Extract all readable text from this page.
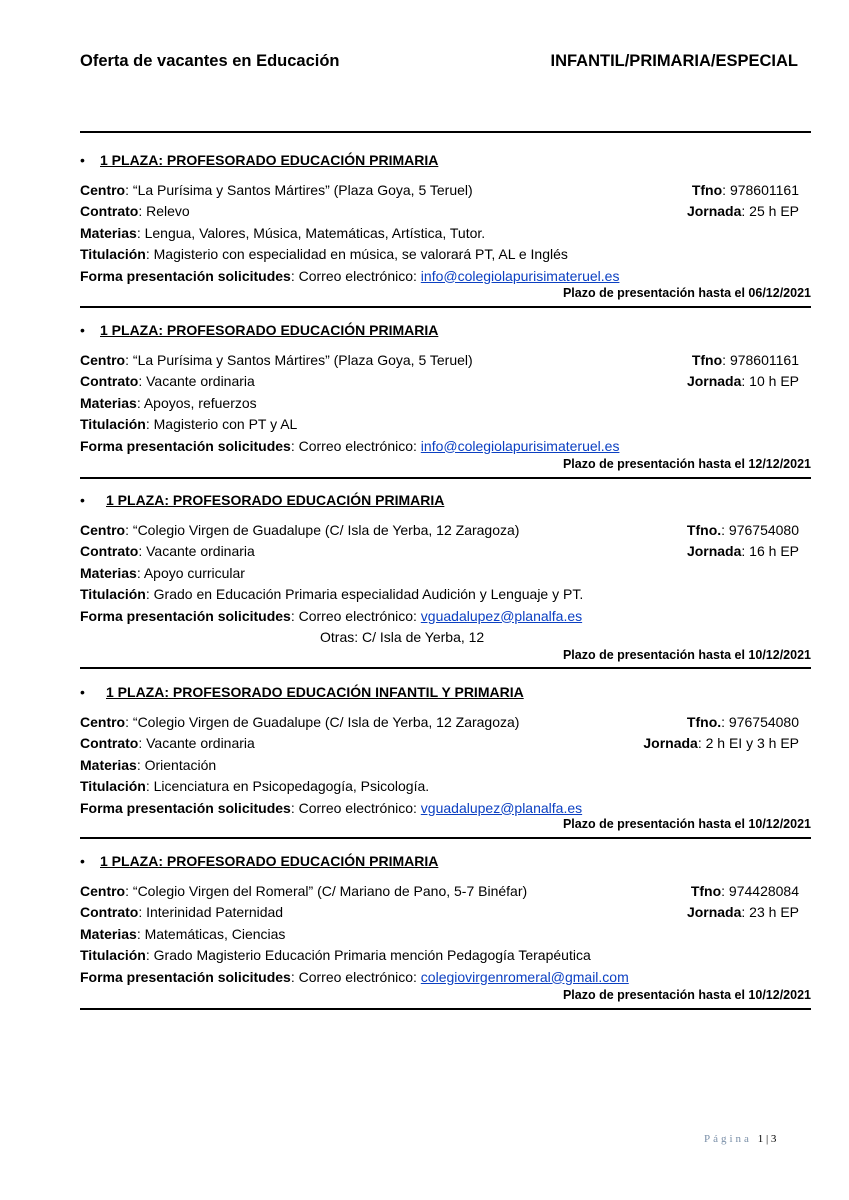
Oferta de vacantes en Educación	INFANTIL/PRIMARIA/ESPECIAL
• 1 PLAZA: PROFESORADO EDUCACIÓN PRIMARIA
Centro: “La Purísima y Santos Mártires” (Plaza Goya, 5 Teruel)	Tfno: 978601161
Contrato: Relevo	Jornada: 25 h EP
Materias: Lengua, Valores, Música, Matemáticas, Artística, Tutor.
Titulación: Magisterio con especialidad en música, se valorará PT, AL e Inglés
Forma presentación solicitudes: Correo electrónico: info@colegiolapurisimateruel.es
Plazo de presentación hasta el 06/12/2021
• 1 PLAZA: PROFESORADO EDUCACIÓN PRIMARIA
Centro: “La Purísima y Santos Mártires” (Plaza Goya, 5 Teruel)	Tfno: 978601161
Contrato: Vacante ordinaria	Jornada: 10 h EP
Materias: Apoyos, refuerzos
Titulación: Magisterio con PT y AL
Forma presentación solicitudes: Correo electrónico: info@colegiolapurisimateruel.es
Plazo de presentación hasta el 12/12/2021
• 1 PLAZA: PROFESORADO EDUCACIÓN PRIMARIA
Centro: “Colegio Virgen de Guadalupe (C/ Isla de Yerba, 12 Zaragoza)	Tfno.: 976754080
Contrato: Vacante ordinaria	Jornada: 16 h EP
Materias: Apoyo curricular
Titulación: Grado en Educación Primaria especialidad Audición y Lenguaje y PT.
Forma presentación solicitudes: Correo electrónico: vguadalupez@planalfa.es
Otras: C/ Isla de Yerba, 12
Plazo de presentación hasta el 10/12/2021
• 1 PLAZA: PROFESORADO EDUCACIÓN INFANTIL Y PRIMARIA
Centro: “Colegio Virgen de Guadalupe (C/ Isla de Yerba, 12 Zaragoza)	Tfno.: 976754080
Contrato: Vacante ordinaria	Jornada: 2 h EI y 3 h EP
Materias: Orientación
Titulación: Licenciatura en Psicopedagogía, Psicología.
Forma presentación solicitudes: Correo electrónico: vguadalupez@planalfa.es
Plazo de presentación hasta el 10/12/2021
• 1 PLAZA: PROFESORADO EDUCACIÓN PRIMARIA
Centro: “Colegio Virgen del Romeral” (C/ Mariano de Pano, 5-7 Binéfar)	Tfno: 974428084
Contrato: Interinidad Paternidad	Jornada: 23 h EP
Materias: Matemáticas, Ciencias
Titulación: Grado Magisterio Educación Primaria mención Pedagogía Terapéutica
Forma presentación solicitudes: Correo electrónico: colegiovirgenromeral@gmail.com
Plazo de presentación hasta el 10/12/2021
Página 1 | 3
